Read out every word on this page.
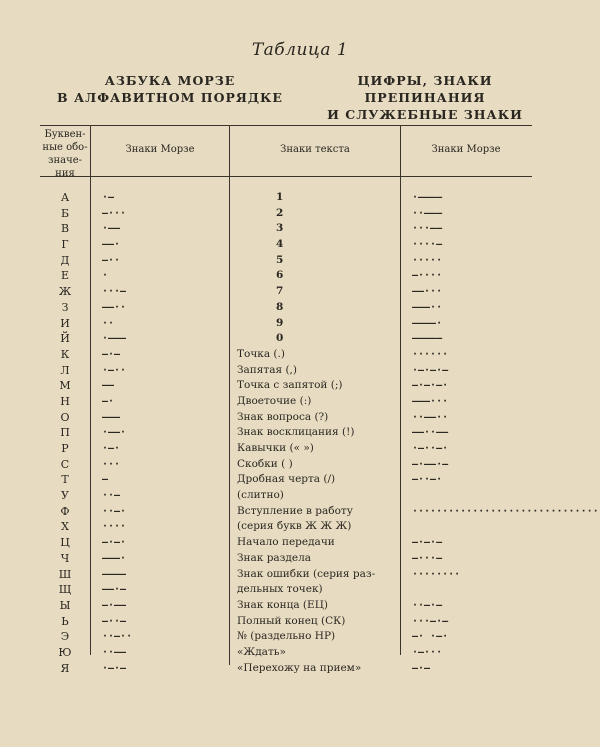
Таблица 1
АЗБУКА МОРЗЕ
В АЛФАВИТНОМ ПОРЯДКЕ
ЦИФРЫ, ЗНАКИ ПРЕПИНАНИЯ
И СЛУЖЕБНЫЕ ЗНАКИ
Буквен-
ные обо-
значе-
ния
Знаки Морзе	Знаки текста	Знаки Морзе
А	·—	1	·————
Б	—···	2	··———
В	·——	3	···——
Г	——·	4	····—
Д	—··	5	·····
Е	·	6	—····
Ж	···—	7	——···
З	——··	8	———··
И	··	9	————·
Й	·———	0	—————
К	—·—	Точка (.)	······
Л	·—··	Запятая (,)	·—·—·—
М	——	Точка с запятой (;)	—·—·—·
Н	—·	Двоеточие (:)	———···
О	———	Знак вопроса (?)	··——··
П	·——·	Знак восклицания (!)	——··——
Р	·—·	Кавычки (« »)	·—··—·
С	···	Скобки ( )	—·——·—
Т	—	Дробная черта (/)	—··—·
У	··—	(слитно)
Ф	··—·	Вступление в работу	·······························
Х	····	(серия букв Ж Ж Ж)
Ц	—·—·	Начало передачи	—·—·—
Ч	———·	Знак раздела	—···—
Ш	————	Знак ошибки (серия раз-	········
Щ	——·—	дельных точек)
Ы	—·——	Знак конца (ЕЦ)	··—·—
Ь	—··—	Полный конец (СК)	···—·—
Э	··—··	№ (раздельно НР)	—· ·—·
Ю	··——	«Ждать»	·—···
Я	·—·—	«Перехожу на прием»	—·—
